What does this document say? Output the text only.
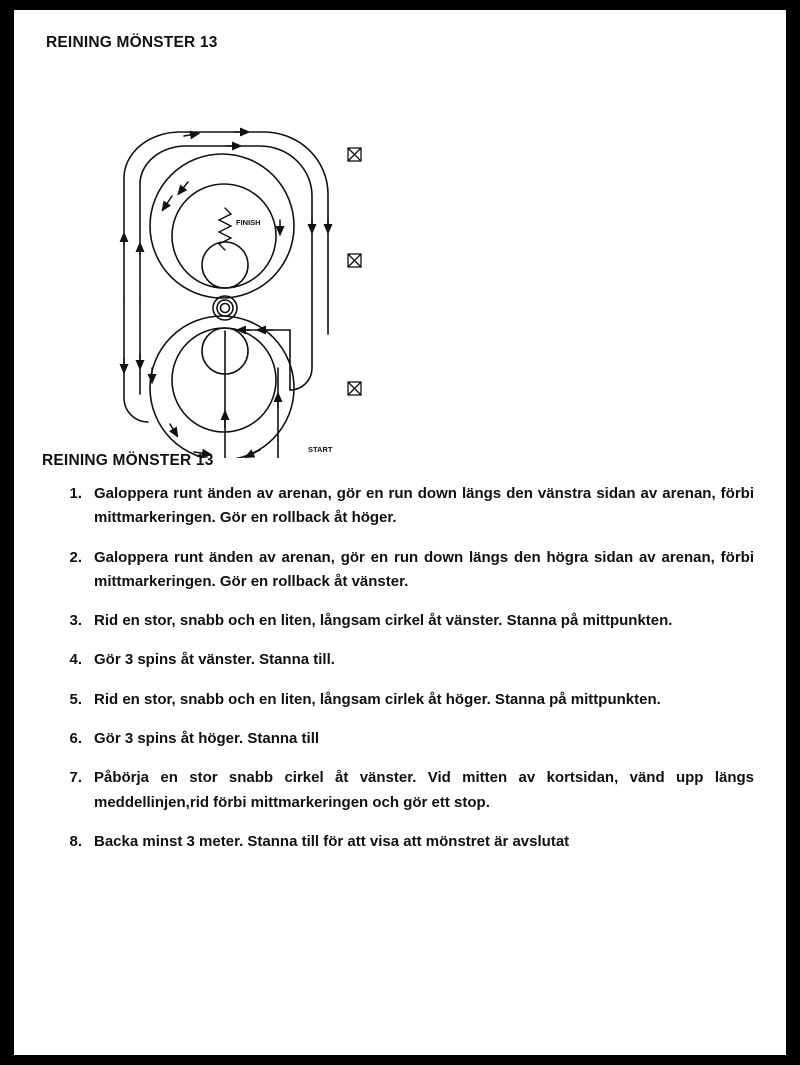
REINING MÖNSTER 13
FINISH
START
REINING MÖNSTER 13
1. Galoppera runt änden av arenan, gör en run down längs den vänstra sidan av arenan, förbi mittmarkeringen. Gör en rollback åt höger.
2. Galoppera runt änden av arenan, gör en run down längs den högra sidan av arenan, förbi mittmarkeringen. Gör en rollback åt vänster.
3. Rid en stor, snabb och en liten, långsam cirkel åt vänster. Stanna på mittpunkten.
4. Gör 3 spins åt vänster. Stanna till.
5. Rid en stor, snabb och en liten, långsam cirlek åt höger. Stanna på mittpunkten.
6. Gör 3 spins åt höger. Stanna till
7. Påbörja en stor snabb cirkel åt vänster. Vid mitten av kortsidan, vänd upp längs meddellinjen,rid förbi mittmarkeringen och gör ett stop.
8. Backa minst 3 meter. Stanna till för att visa att mönstret är avslutat
